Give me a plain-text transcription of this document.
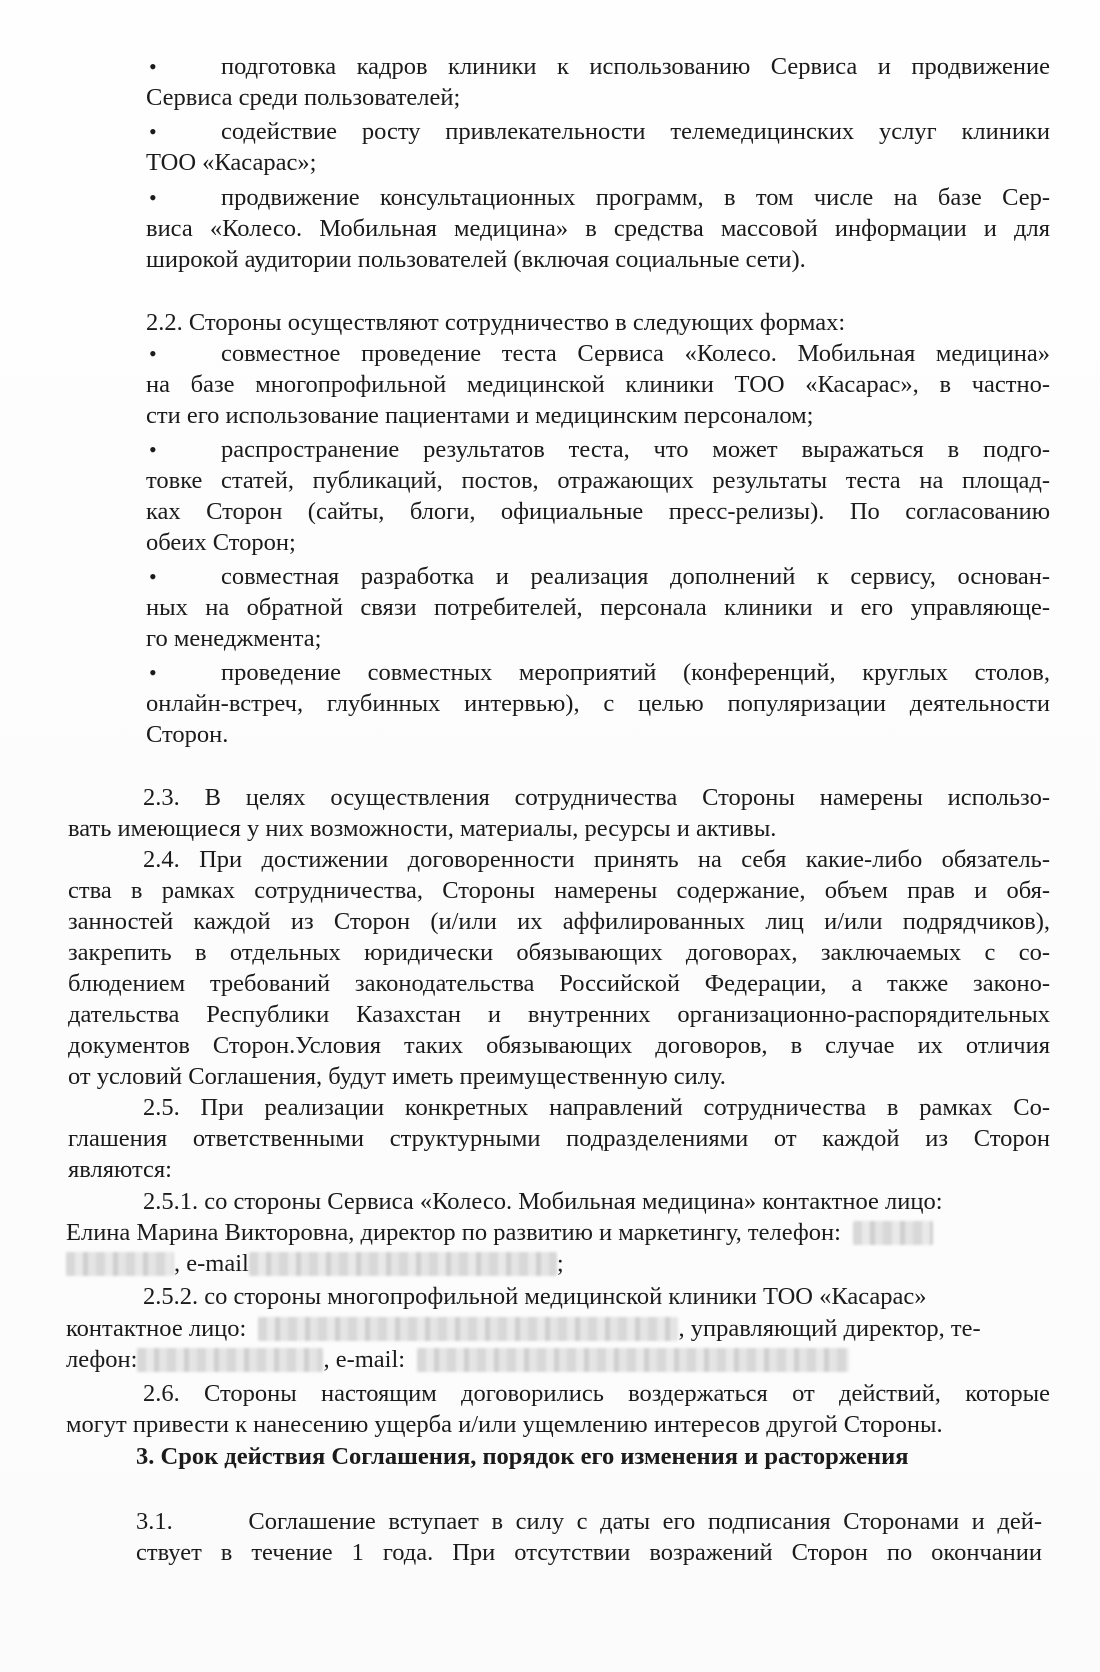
•	подготовка кадров клиники к использованию Сервиса и продвижение
Сервиса среди пользователей;
•	содействие росту привлекательности телемедицинских услуг клиники
ТОО «Касарас»;
•	продвижение консультационных программ, в том числе на базе Сер-
виса «Колесо. Мобильная медицина» в средства массовой информации и для
широкой аудитории пользователей (включая социальные сети).
2.2. Стороны осуществляют сотрудничество в следующих формах:
•	совместное проведение теста Сервиса «Колесо. Мобильная медицина»
на базе многопрофильной медицинской клиники ТОО «Касарас», в частно-
сти его использование пациентами и медицинским персоналом;
•	распространение результатов теста, что может выражаться в подго-
товке статей, публикаций, постов, отражающих результаты теста на площад-
ках Сторон (сайты, блоги, официальные пресс-релизы). По согласованию
обеих Сторон;
•	совместная разработка и реализация дополнений к сервису, основан-
ных на обратной связи потребителей, персонала клиники и его управляюще-
го менеджмента;
•	проведение совместных мероприятий (конференций, круглых столов,
онлайн-встреч, глубинных интервью), с целью популяризации деятельности
Сторон.
2.3. В целях осуществления сотрудничества Стороны намерены использо-
вать имеющиеся у них возможности, материалы, ресурсы и активы.
2.4. При достижении договоренности принять на себя какие-либо обязатель-
ства в рамках сотрудничества, Стороны намерены содержание, объем прав и обя-
занностей каждой из Сторон (и/или их аффилированных лиц и/или подрядчиков),
закрепить в отдельных юридически обязывающих договорах, заключаемых с со-
блюдением требований законодательства Российской Федерации, а также законо-
дательства Республики Казахстан и внутренних организационно-распорядительных
документов Сторон.Условия таких обязывающих договоров, в случае их отличия
от условий Соглашения, будут иметь преимущественную силу.
2.5. При реализации конкретных направлений сотрудничества в рамках Со-
глашения ответственными структурными подразделениями от каждой из Сторон
являются:
2.5.1. со стороны Сервиса «Колесо. Мобильная медицина» контактное лицо:
Елина Марина Викторовна, директор по развитию и маркетингу, телефон:
, e-mail	;
2.5.2. со стороны многопрофильной медицинской клиники ТОО «Касарас»
контактное лицо:	, управляющий директор, те-
лефон:	, e-mail:
2.6. Стороны настоящим договорились воздержаться от действий, которые
могут привести к нанесению ущерба и/или ущемлению интересов другой Стороны.
3. Срок действия Соглашения, порядок его изменения и расторжения
3.1.      Соглашение вступает в силу с даты его подписания Сторонами и дей-
ствует в течение 1 года. При отсутствии возражений Сторон по окончании
